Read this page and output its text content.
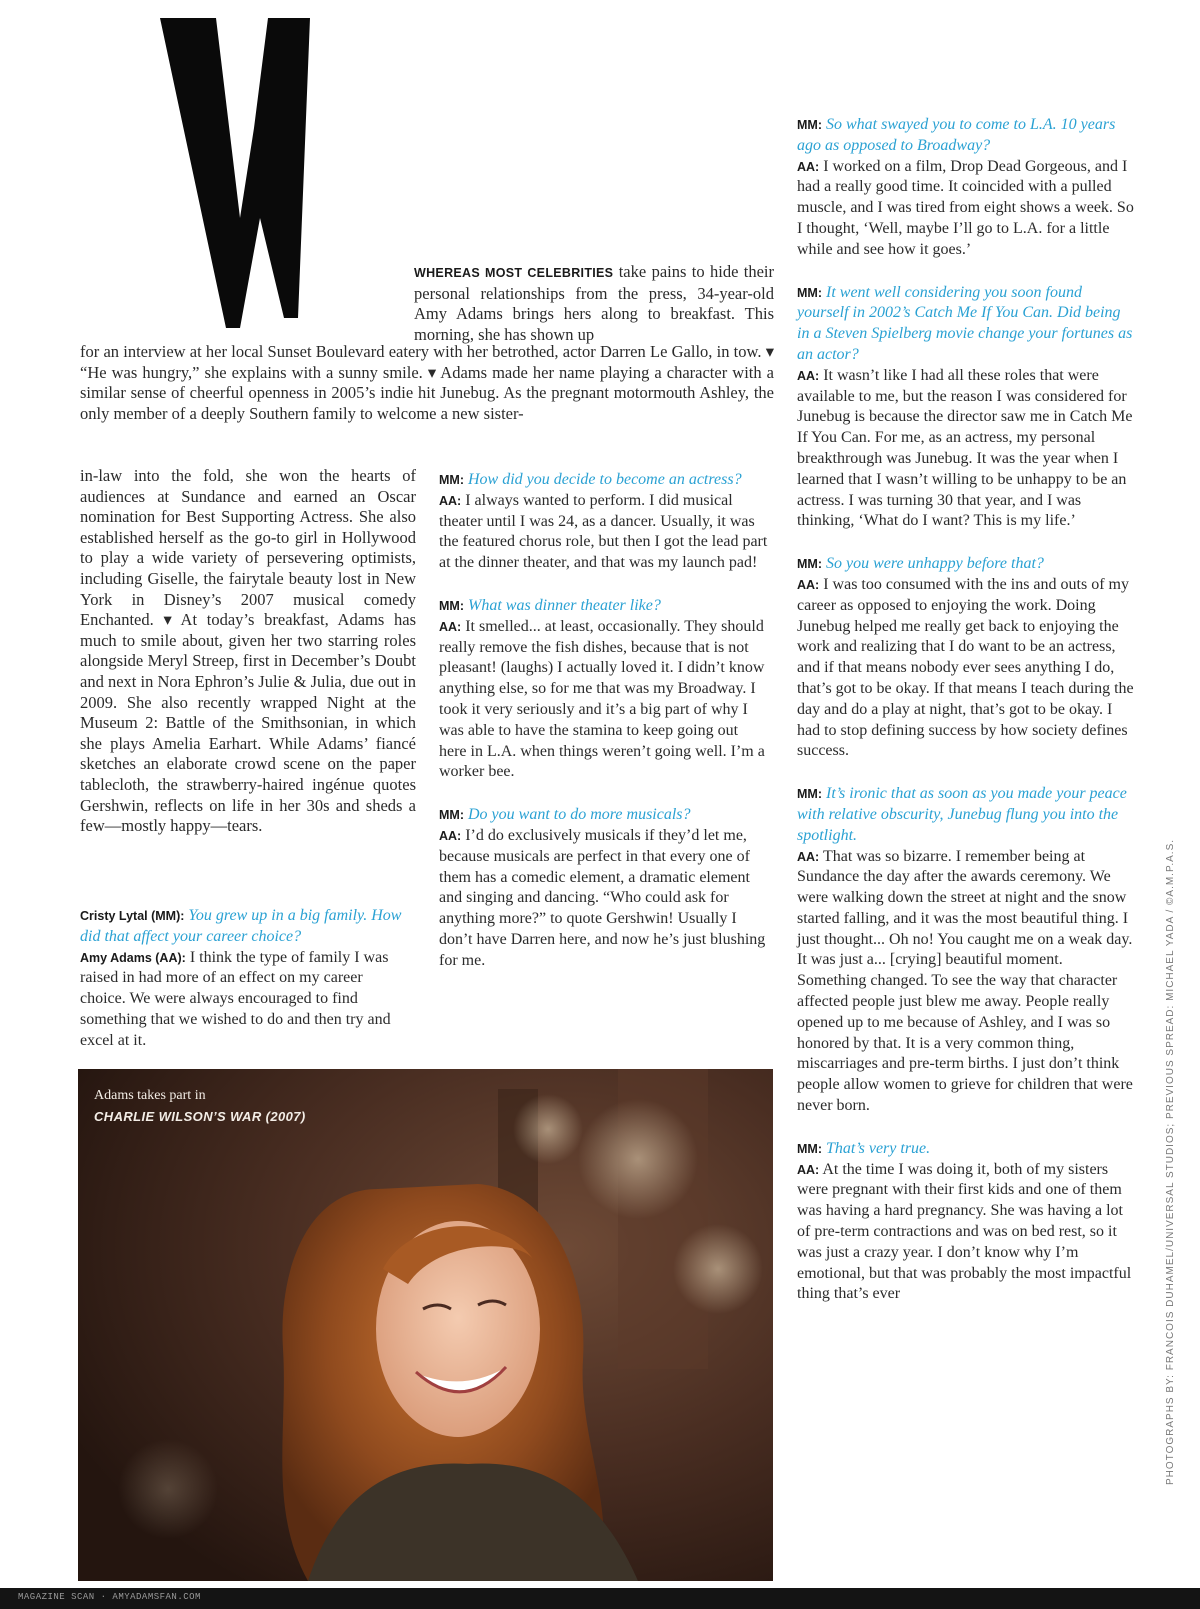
WHEREAS MOST CELEBRITIES take pains to hide their personal relationships from the press, 34-year-old Amy Adams brings hers along to breakfast. This morning, she has shown up
for an interview at her local Sunset Boulevard eatery with her betrothed, actor Darren Le Gallo, in tow. ▾ “He was hungry,” she explains with a sunny smile. ▾ Adams made her name playing a character with a similar sense of cheerful openness in 2005’s indie hit Junebug. As the pregnant motormouth Ashley, the only member of a deeply Southern family to welcome a new sister-
in-law into the fold, she won the hearts of audiences at Sundance and earned an Oscar nomination for Best Supporting Actress. She also established herself as the go-to girl in Hollywood to play a wide variety of persevering optimists, including Giselle, the fairytale beauty lost in New York in Disney’s 2007 musical comedy Enchanted. ▾ At today’s breakfast, Adams has much to smile about, given her two starring roles alongside Meryl Streep, first in December’s Doubt and next in Nora Ephron’s Julie & Julia, due out in 2009. She also recently wrapped Night at the Museum 2: Battle of the Smithsonian, in which she plays Amelia Earhart. While Adams’ fiancé sketches an elaborate crowd scene on the paper tablecloth, the strawberry-haired ingénue quotes Gershwin, reflects on life in her 30s and sheds a few—mostly happy—tears.
Cristy Lytal (MM): You grew up in a big family. How did that affect your career choice?
Amy Adams (AA): I think the type of family I was raised in had more of an effect on my career choice. We were always encouraged to find something that we wished to do and then try and excel at it.
MM: How did you decide to become an actress?
AA: I always wanted to perform. I did musical theater until I was 24, as a dancer. Usually, it was the featured chorus role, but then I got the lead part at the dinner theater, and that was my launch pad!
MM: What was dinner theater like?
AA: It smelled... at least, occasionally. They should really remove the fish dishes, because that is not pleasant! (laughs) I actually loved it. I didn’t know anything else, so for me that was my Broadway. I took it very seriously and it’s a big part of why I was able to have the stamina to keep going out here in L.A. when things weren’t going well. I’m a worker bee.
MM: Do you want to do more musicals?
AA: I’d do exclusively musicals if they’d let me, because musicals are perfect in that every one of them has a comedic element, a dramatic element and singing and dancing. “Who could ask for anything more?” to quote Gershwin! Usually I don’t have Darren here, and now he’s just blushing for me.
MM: So what swayed you to come to L.A. 10 years ago as opposed to Broadway?
AA: I worked on a film, Drop Dead Gorgeous, and I had a really good time. It coincided with a pulled muscle, and I was tired from eight shows a week. So I thought, ‘Well, maybe I’ll go to L.A. for a little while and see how it goes.’
MM: It went well considering you soon found yourself in 2002’s Catch Me If You Can. Did being in a Steven Spielberg movie change your fortunes as an actor?
AA: It wasn’t like I had all these roles that were available to me, but the reason I was considered for Junebug is because the director saw me in Catch Me If You Can. For me, as an actress, my personal breakthrough was Junebug. It was the year when I learned that I wasn’t willing to be unhappy to be an actress. I was turning 30 that year, and I was thinking, ‘What do I want? This is my life.’
MM: So you were unhappy before that?
AA: I was too consumed with the ins and outs of my career as opposed to enjoying the work. Doing Junebug helped me really get back to enjoying the work and realizing that I do want to be an actress, and if that means nobody ever sees anything I do, that’s got to be okay. If that means I teach during the day and do a play at night, that’s got to be okay. I had to stop defining success by how society defines success.
MM: It’s ironic that as soon as you made your peace with relative obscurity, Junebug flung you into the spotlight.
AA: That was so bizarre. I remember being at Sundance the day after the awards ceremony. We were walking down the street at night and the snow started falling, and it was the most beautiful thing. I just thought... Oh no! You caught me on a weak day. It was just a... [crying] beautiful moment. Something changed. To see the way that character affected people just blew me away. People really opened up to me because of Ashley, and I was so honored by that. It is a very common thing, miscarriages and pre-term births. I just don’t think people allow women to grieve for children that were never born.
MM: That’s very true.
AA: At the time I was doing it, both of my sisters were pregnant with their first kids and one of them was having a hard pregnancy. She was having a lot of pre-term contractions and was on bed rest, so it was just a crazy year. I don’t know why I’m emotional, but that was probably the most impactful thing that’s ever
Adams takes part in
CHARLIE WILSON’S WAR (2007)	PHOTOGRAPHS BY: FRANCOIS DUHAMEL/UNIVERSAL STUDIOS; PREVIOUS SPREAD: MICHAEL YADA / ©A.M.P.A.S.
MAGAZINE SCAN · AMYADAMSFAN.COM
